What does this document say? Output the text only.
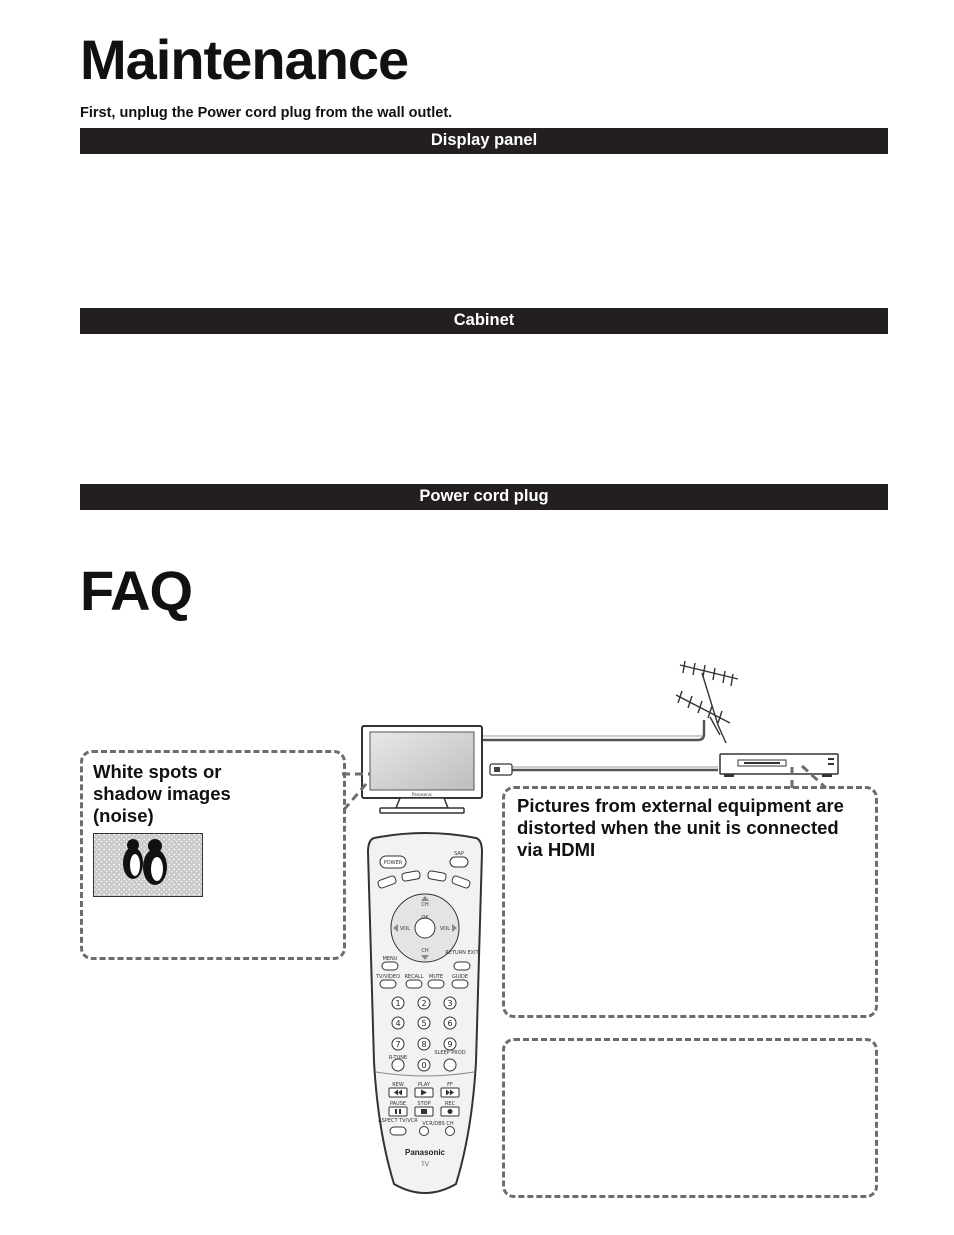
Maintenance
First, unplug the Power cord plug from the wall outlet.
Display panel
Cabinet
Power cord plug
FAQ
Panasonic
White spots or shadow images (noise)	Pictures from external equipment are distorted when the unit is connected via HDMI
POWER
SAP
OK
CH
CH
VOL	VOL
MENU
RETURN EXIT
TV/VIDEO RECALL MUTE GUIDE
1	2	3
4	5	6
7	8	9
0
R-TUNE
SLEEP PROD
REW	PLAY	FF
PAUSE STOP	REC
ASPECT TV/VCR VCR/DBS CH
Panasonic
TV
